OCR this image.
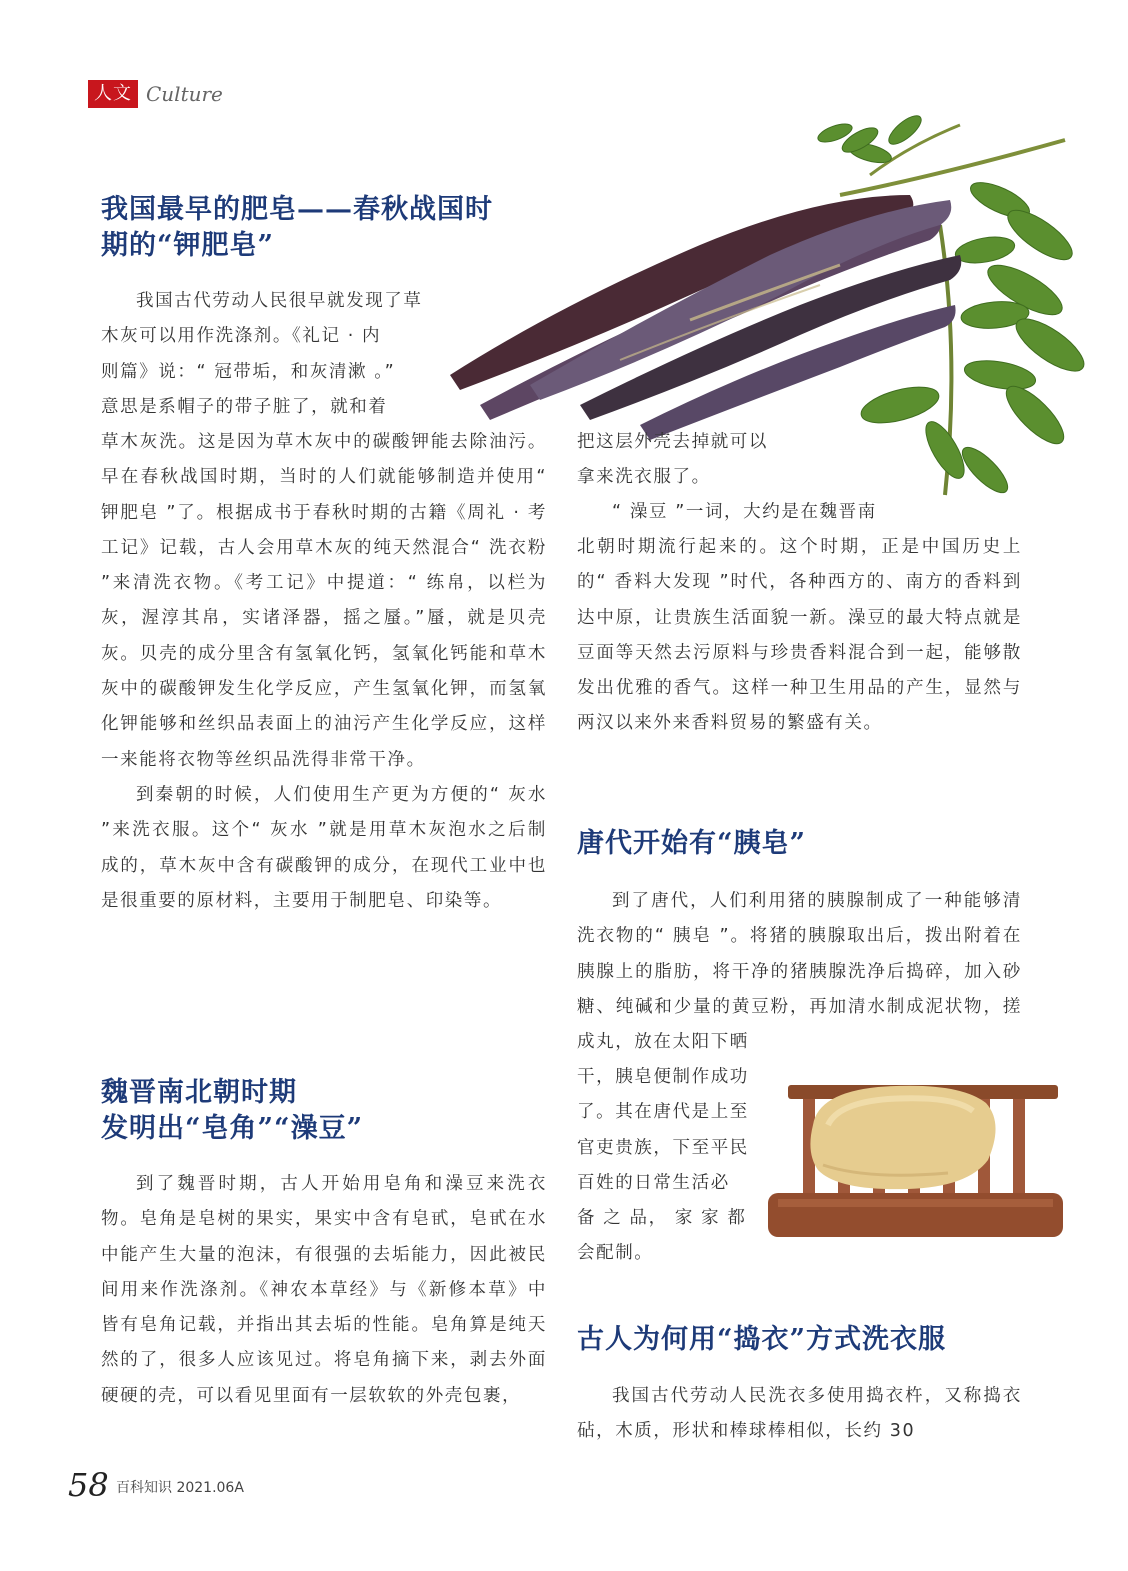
人文 Culture
我国最早的肥皂——春秋战国时
期的“钾肥皂”

我国古代劳动人民很早就发现了草

木灰可以用作洗涤剂。《礼记 · 内

则篇》说：“ 冠带垢，和灰清漱 。”

意思是系帽子的带子脏了，就和着

草木灰洗。这是因为草木灰中的碳酸钾能去除油污。早在春秋战国时期，当时的人们就能够制造并使用“ 钾肥皂 ”了。根据成书于春秋时期的古籍《周礼 · 考工记》记载，古人会用草木灰的纯天然混合“ 洗衣粉 ”来清洗衣物。《考工记》中提道：“ 练帛，以栏为灰，渥淳其帛，实诸泽器，摇之蜃。”蜃，就是贝壳灰。贝壳的成分里含有氢氧化钙，氢氧化钙能和草木灰中的碳酸钾发生化学反应，产生氢氧化钾，而氢氧化钾能够和丝织品表面上的油污产生化学反应，这样一来能将衣物等丝织品洗得非常干净。

到秦朝的时候，人们使用生产更为方便的“ 灰水 ”来洗衣服。这个“ 灰水 ”就是用草木灰泡水之后制成的，草木灰中含有碳酸钾的成分，在现代工业中也是很重要的原材料，主要用于制肥皂、印染等。

魏晋南北朝时期
发明出“皂角”“澡豆”

到了魏晋时期，古人开始用皂角和澡豆来洗衣物。皂角是皂树的果实，果实中含有皂甙，皂甙在水中能产生大量的泡沫，有很强的去垢能力，因此被民间用来作洗涤剂。《神农本草经》与《新修本草》中皆有皂角记载，并指出其去垢的性能。皂角算是纯天然的了，很多人应该见过。将皂角摘下来，剥去外面硬硬的壳，可以看见里面有一层软软的外壳包裹，

把这层外壳去掉就可以

拿来洗衣服了。

“ 澡豆 ”一词，大约是在魏晋南

北朝时期流行起来的。这个时期，正是中国历史上的“ 香料大发现 ”时代，各种西方的、南方的香料到达中原，让贵族生活面貌一新。澡豆的最大特点就是豆面等天然去污原料与珍贵香料混合到一起，能够散发出优雅的香气。这样一种卫生用品的产生，显然与两汉以来外来香料贸易的繁盛有关。

唐代开始有“胰皂”

到了唐代，人们利用猪的胰腺制成了一种能够清洗衣物的“ 胰皂 ”。将猪的胰腺取出后，拨出附着在胰腺上的脂肪，将干净的猪胰腺洗净后捣碎，加入砂糖、纯碱和少量的黄豆粉，再加清水制成泥状物，搓成丸，放在太阳下晒

干，胰皂便制作成功

了。其在唐代是上至

官吏贵族，下至平民

百姓的日常生活必

备 之 品， 家 家 都

会配制。

古人为何用“捣衣”方式洗衣服

我国古代劳动人民洗衣多使用捣衣杵，又称捣衣砧，木质，形状和棒球棒相似，长约 30

58 百科知识 2021.06A
